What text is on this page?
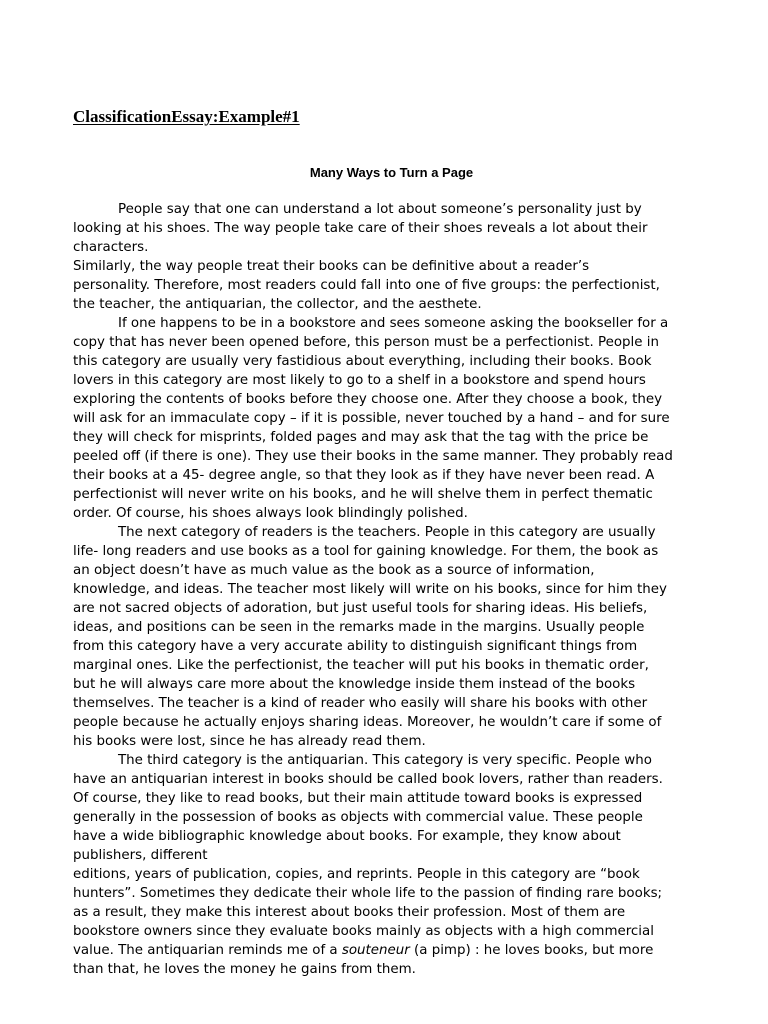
ClassificationEssay:Example#1
Many Ways to Turn a Page
People say that one can understand a lot about someone’s personality just by
looking at his shoes. The way people take care of their shoes reveals a lot about their
characters.
Similarly, the way people treat their books can be definitive about a reader’s
personality. Therefore, most readers could fall into one of five groups: the perfectionist,
the teacher, the antiquarian, the collector, and the aesthete.
If one happens to be in a bookstore and sees someone asking the bookseller for a
copy that has never been opened before, this person must be a perfectionist. People in
this category are usually very fastidious about everything, including their books. Book
lovers in this category are most likely to go to a shelf in a bookstore and spend hours
exploring the contents of books before they choose one. After they choose a book, they
will ask for an immaculate copy – if it is possible, never touched by a hand – and for sure
they will check for misprints, folded pages and may ask that the tag with the price be
peeled off (if there is one). They use their books in the same manner. They probably read
their books at a 45- degree angle, so that they look as if they have never been read. A
perfectionist will never write on his books, and he will shelve them in perfect thematic
order. Of course, his shoes always look blindingly polished.
The next category of readers is the teachers. People in this category are usually
life- long readers and use books as a tool for gaining knowledge. For them, the book as
an object doesn’t have as much value as the book as a source of information,
knowledge, and ideas. The teacher most likely will write on his books, since for him they
are not sacred objects of adoration, but just useful tools for sharing ideas. His beliefs,
ideas, and positions can be seen in the remarks made in the margins. Usually people
from this category have a very accurate ability to distinguish significant things from
marginal ones. Like the perfectionist, the teacher will put his books in thematic order,
but he will always care more about the knowledge inside them instead of the books
themselves. The teacher is a kind of reader who easily will share his books with other
people because he actually enjoys sharing ideas. Moreover, he wouldn’t care if some of
his books were lost, since he has already read them.
The third category is the antiquarian. This category is very specific. People who
have an antiquarian interest in books should be called book lovers, rather than readers.
Of course, they like to read books, but their main attitude toward books is expressed
generally in the possession of books as objects with commercial value. These people
have a wide bibliographic knowledge about books. For example, they know about
publishers, different
editions, years of publication, copies, and reprints. People in this category are “book
hunters”. Sometimes they dedicate their whole life to the passion of finding rare books;
as a result, they make this interest about books their profession. Most of them are
bookstore owners since they evaluate books mainly as objects with a high commercial
value. The antiquarian reminds me of a souteneur (a pimp) : he loves books, but more
than that, he loves the money he gains from them.
